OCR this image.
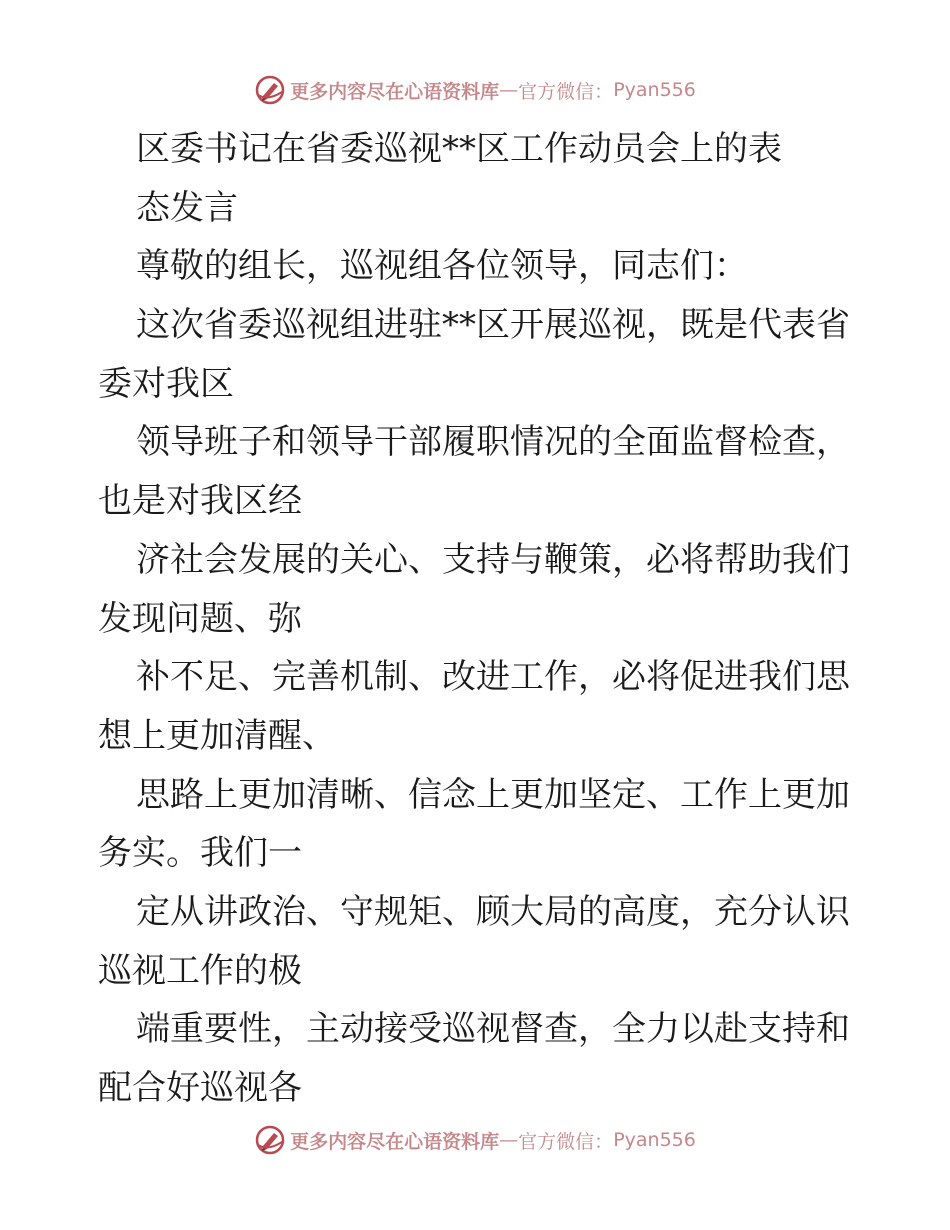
更多内容尽在心语资料库 — 官方微信： Pyan556
区委书记在省委巡视**区工作动员会上的表
态发言
尊敬的组长，巡视组各位领导，同志们：
这次省委巡视组进驻**区开展巡视，既是代表省
委对我区
领导班子和领导干部履职情况的全面监督检查，
也是对我区经
济社会发展的关心、支持与鞭策，必将帮助我们
发现问题、弥
补不足、完善机制、改进工作，必将促进我们思
想上更加清醒、
思路上更加清晰、信念上更加坚定、工作上更加
务实。我们一
定从讲政治、守规矩、顾大局的高度，充分认识
巡视工作的极
端重要性，主动接受巡视督查，全力以赴支持和
配合好巡视各
更多内容尽在心语资料库 — 官方微信： Pyan556
